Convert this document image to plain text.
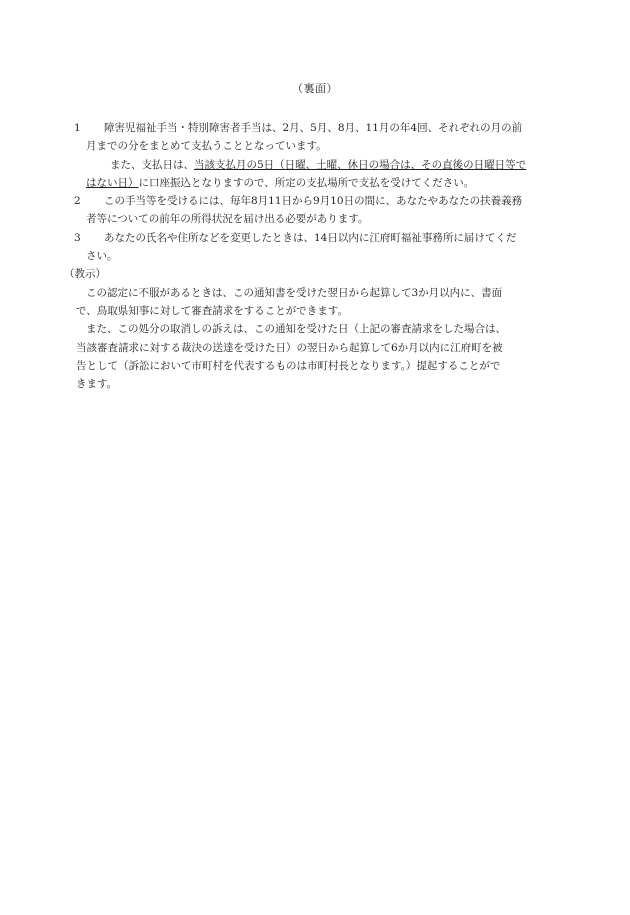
（裏面）
1	障害児福祉手当・特別障害者手当は、2月、5月、8月、11月の年4回、それぞれの月の前
月までの分をまとめて支払うこととなっています。
また、支払日は、当該支払月の5日（日曜、土曜、休日の場合は、その直後の日曜日等で
はない日）に口座振込となりますので、所定の支払場所で支払を受けてください。
2	この手当等を受けるには、毎年8月11日から9月10日の間に、あなたやあなたの扶養義務
者等についての前年の所得状況を届け出る必要があります。
3	あなたの氏名や住所などを変更したときは、14日以内に江府町福祉事務所に届けてくだ
さい。
（教示）
この認定に不服があるときは、この通知書を受けた翌日から起算して3か月以内に、書面
で、鳥取県知事に対して審査請求をすることができます。
また、この処分の取消しの訴えは、この通知を受けた日（上記の審査請求をした場合は、
当該審査請求に対する裁決の送達を受けた日）の翌日から起算して6か月以内に江府町を被
告として（訴訟において市町村を代表するものは市町村長となります。）提起することがで
きます。
